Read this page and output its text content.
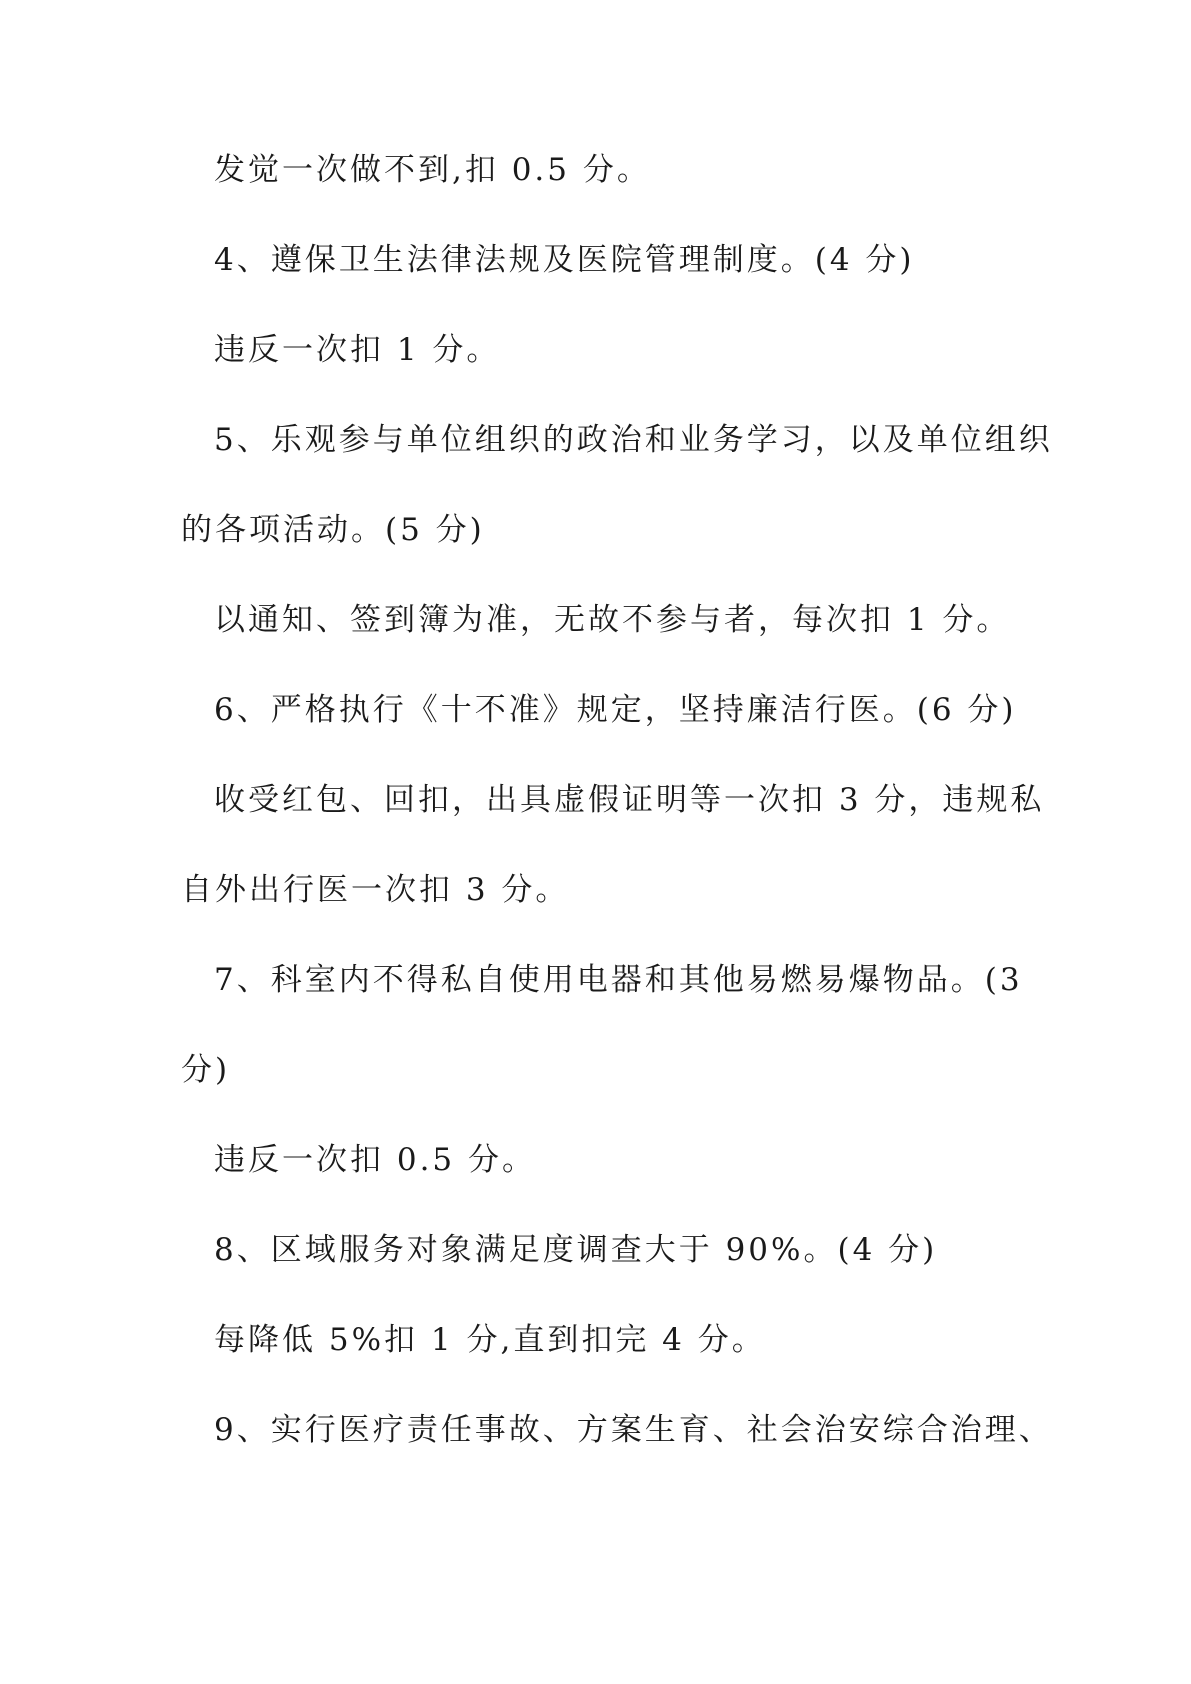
发觉一次做不到,扣 0.5 分。

4、遵保卫生法律法规及医院管理制度。(4 分)

违反一次扣 1 分。

5、乐观参与单位组织的政治和业务学习，以及单位组织

的各项活动。(5 分)

以通知、签到簿为准，无故不参与者，每次扣 1 分。

6、严格执行《十不准》规定，坚持廉洁行医。(6 分)

收受红包、回扣，出具虚假证明等一次扣 3 分，违规私

自外出行医一次扣 3 分。

7、科室内不得私自使用电器和其他易燃易爆物品。(3

分)

违反一次扣 0.5 分。

8、区域服务对象满足度调查大于 90%。(4 分)

每降低 5%扣 1 分,直到扣完 4 分。

9、实行医疗责任事故、方案生育、社会治安综合治理、
